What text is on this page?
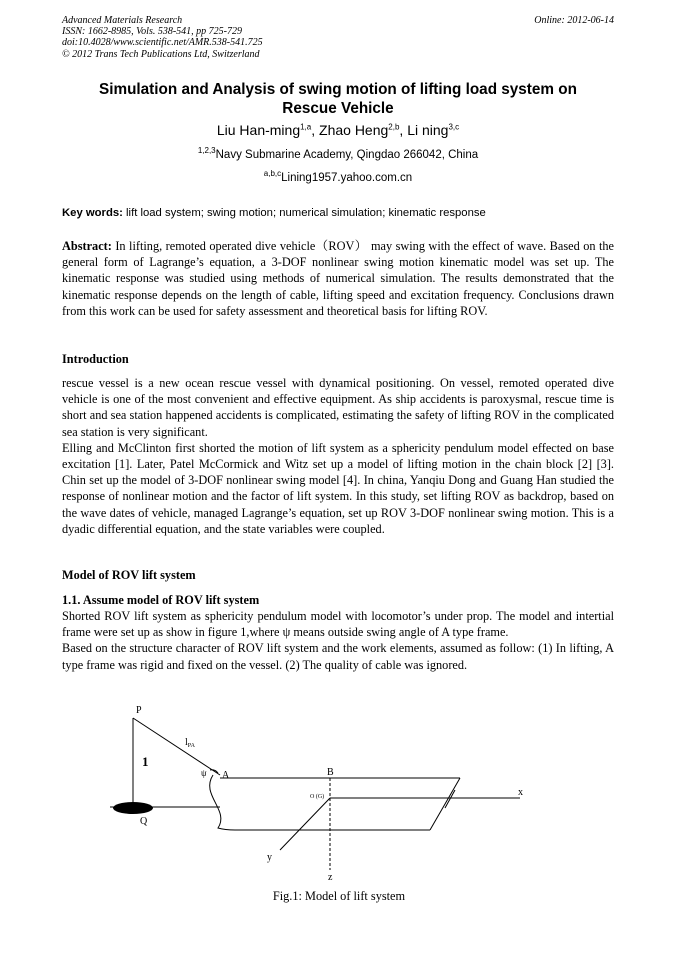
Advanced Materials Research
ISSN: 1662-8985, Vols. 538-541, pp 725-729
doi:10.4028/www.scientific.net/AMR.538-541.725
© 2012 Trans Tech Publications Ltd, Switzerland
Online: 2012-06-14
Simulation and Analysis of swing motion of lifting load system on
Rescue Vehicle
Liu Han-ming$^{1,a}$, Zhao Heng$^{2,b}$, Li ning$^{3,c}$
$^{1,2,3}$Navy Submarine Academy, Qingdao 266042, China
$^{a,b,c}$Lining1957.yahoo.com.cn
Key words: lift load system; swing motion; numerical simulation; kinematic response

Abstract: In lifting, remoted operated dive vehicle（ROV） may swing with the effect of wave. Based on the general form of Lagrange’s equation, a 3-DOF nonlinear swing motion kinematic model was set up. The kinematic response was studied using methods of numerical simulation. The results demonstrated that the kinematic response depends on the length of cable, lifting speed and excitation frequency. Conclusions drawn from this work can be used for safety assessment and theoretical basis for lifting ROV.

Introduction

rescue vessel is a new ocean rescue vessel with dynamical positioning. On vessel, remoted operated dive vehicle is one of the most convenient and effective equipment. As ship accidents is paroxysmal, rescue time is short and sea station happened accidents is complicated, estimating the safety of lifting ROV in the complicated sea station is very significant.

Elling and McClinton first shorted the motion of lift system as a sphericity pendulum model effected on base excitation [1]. Later, Patel McCormick and Witz set up a model of lifting motion in the chain block [2] [3]. Chin set up the model of 3-DOF nonlinear swing model [4]. In china, Yanqiu Dong and Guang Han studied the response of nonlinear motion and the factor of lift system. In this study, set lifting ROV as backdrop, based on the wave dates of vehicle, managed Lagrange’s equation, set up ROV 3-DOF nonlinear swing motion. This is a dyadic differential equation, and the state variables were coupled.

Model of ROV lift system
1.1. Assume model of ROV lift system

Shorted ROV lift system as sphericity pendulum model with locomotor’s under prop. The model and intertial frame were set up as show in figure 1,where ψ means outside swing angle of A type frame.

Based on the structure character of ROV lift system and the work elements, assumed as follow: (1) In lifting, A type frame was rigid and fixed on the vessel. (2) The quality of cable was ignored.

P
$l_{PA}$
1
ψ A	B
O (G)
Q
x
y
z
Fig.1: Model of lift system
